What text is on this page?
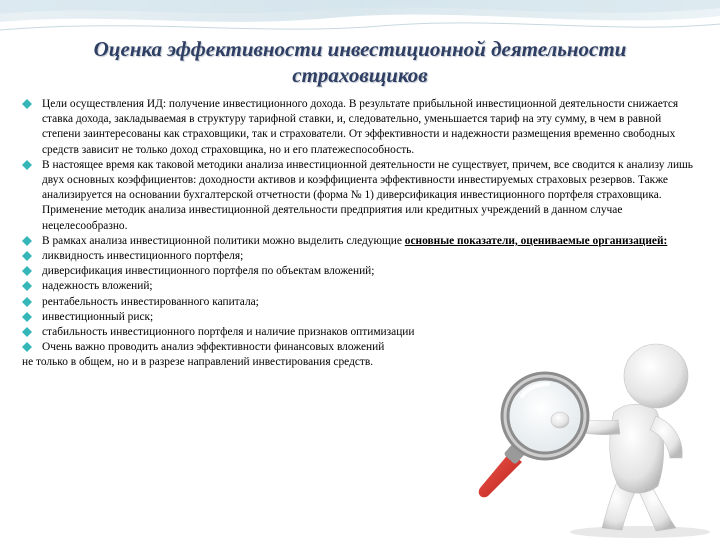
Оценка эффективности инвестиционной деятельности
страховщиков
Цели осуществления ИД: получение инвестиционного дохода. В результате прибыльной инвестиционной деятельности снижается ставка дохода, закладываемая в структуру тарифной ставки, и, следовательно, уменьшается тариф на эту сумму, в чем в равной степени заинтересованы как страховщики, так и страхователи. От эффективности и надежности размещения временно свободных средств зависит не только доход страховщика, но и его платежеспособность.
В настоящее время как таковой методики анализа инвестиционной деятельности не существует, причем, все сводится к анализу лишь двух основных коэффициентов: доходности активов и коэффициента эффективности инвестируемых страховых резервов. Также анализируется на основании бухгалтерской отчетности (форма № 1) диверсификация инвестиционного портфеля страховщика. Применение методик анализа инвестиционной деятельности предприятия или кредитных учреждений в данном случае нецелесообразно.
В рамках анализа инвестиционной политики можно выделить следующие основные показатели, оцениваемые организацией:
ликвидность инвестиционного портфеля;
диверсификация инвестиционного портфеля по объектам вложений;
надежность вложений;
рентабельность инвестированного капитала;
инвестиционный риск;
стабильность инвестиционного портфеля и наличие признаков оптимизации
Очень важно проводить анализ эффективности финансовых вложений
не только в общем, но и в разрезе направлений инвестирования средств.
